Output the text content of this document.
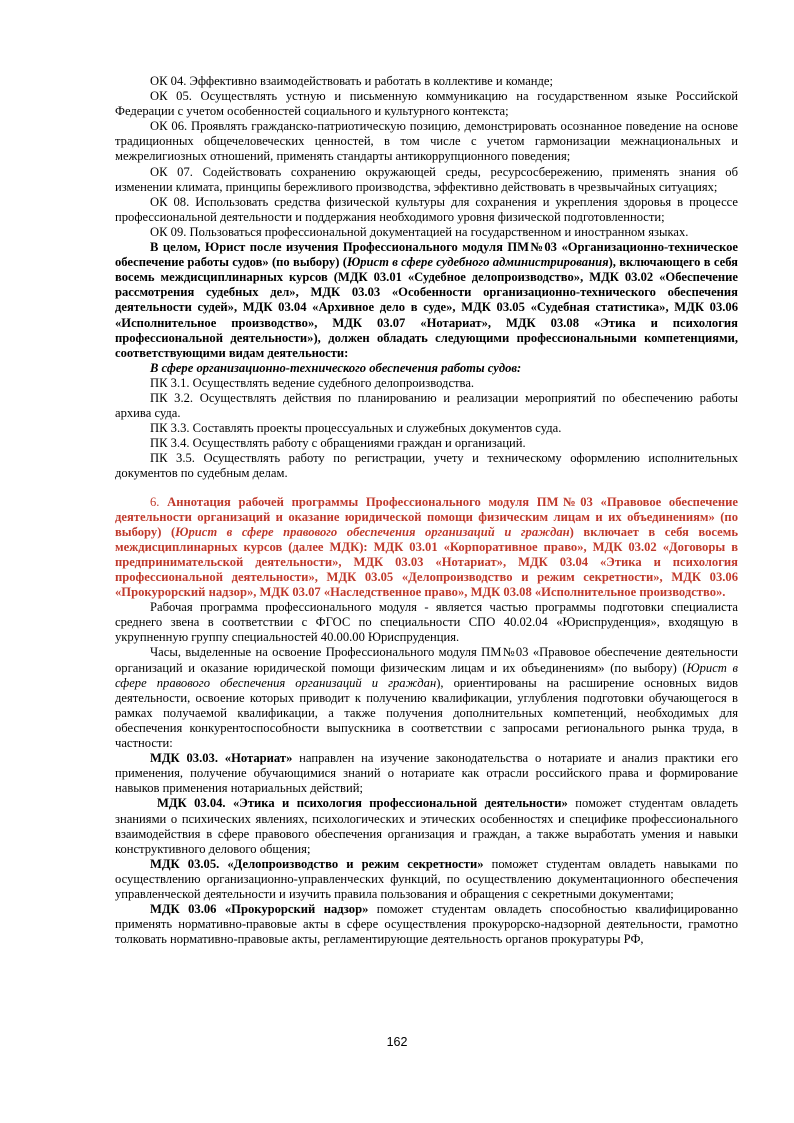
ОК 04. Эффективно взаимодействовать и работать в коллективе и команде;

ОК 05. Осуществлять устную и письменную коммуникацию на государственном языке Российской Федерации с учетом особенностей социального и культурного контекста;

ОК 06. Проявлять гражданско-патриотическую позицию, демонстрировать осознанное поведение на основе традиционных общечеловеческих ценностей, в том числе с учетом гармонизации межнациональных и межрелигиозных отношений, применять стандарты антикоррупционного поведения;

ОК 07. Содействовать сохранению окружающей среды, ресурсосбережению, применять знания об изменении климата, принципы бережливого производства, эффективно действовать в чрезвычайных ситуациях;

ОК 08. Использовать средства физической культуры для сохранения и укрепления здоровья в процессе профессиональной деятельности и поддержания необходимого уровня физической подготовленности;

ОК 09. Пользоваться профессиональной документацией на государственном и иностранном языках.

В целом, Юрист после изучения Профессионального модуля ПМ№03 «Организационно-техническое обеспечение работы судов» (по выбору) (Юрист в сфере судебного администрирования), включающего в себя восемь междисциплинарных курсов (МДК 03.01 «Судебное делопроизводство», МДК 03.02 «Обеспечение рассмотрения судебных дел», МДК 03.03 «Особенности организационно-технического обеспечения деятельности судей», МДК 03.04 «Архивное дело в суде», МДК 03.05 «Судебная статистика», МДК 03.06 «Исполнительное производство», МДК 03.07 «Нотариат», МДК 03.08 «Этика и психология профессиональной деятельности»), должен обладать следующими профессиональными компетенциями, соответствующими видам деятельности:

В сфере организационно-технического обеспечения работы судов:

ПК 3.1. Осуществлять ведение судебного делопроизводства.

ПК 3.2. Осуществлять действия по планированию и реализации мероприятий по обеспечению работы архива суда.

ПК 3.3. Составлять проекты процессуальных и служебных документов суда.

ПК 3.4. Осуществлять работу с обращениями граждан и организаций.

ПК 3.5. Осуществлять работу по регистрации, учету и техническому оформлению исполнительных документов по судебным делам.

6. Аннотация рабочей программы Профессионального модуля ПМ№03 «Правовое обеспечение деятельности организаций и оказание юридической помощи физическим лицам и их объединениям» (по выбору) (Юрист в сфере правового обеспечения организаций и граждан) включает в себя восемь междисциплинарных курсов (далее МДК): МДК 03.01 «Корпоративное право», МДК 03.02 «Договоры в предпринимательской деятельности», МДК 03.03 «Нотариат», МДК 03.04 «Этика и психология профессиональной деятельности», МДК 03.05 «Делопроизводство и режим секретности», МДК 03.06 «Прокурорский надзор», МДК 03.07 «Наследственное право», МДК 03.08 «Исполнительное производство».

Рабочая программа профессионального модуля - является частью программы подготовки специалиста среднего звена в соответствии с ФГОС по специальности СПО 40.02.04 «Юриспруденция», входящую в укрупненную группу специальностей 40.00.00 Юриспруденция.

Часы, выделенные на освоение Профессионального модуля ПМ№03 «Правовое обеспечение деятельности организаций и оказание юридической помощи физическим лицам и их объединениям» (по выбору) (Юрист в сфере правового обеспечения организаций и граждан), ориентированы на расширение основных видов деятельности, освоение которых приводит к получению квалификации, углубления подготовки обучающегося в рамках получаемой квалификации, а также получения дополнительных компетенций, необходимых для обеспечения конкурентоспособности выпускника в соответствии с запросами регионального рынка труда, в частности:

МДК 03.03. «Нотариат» направлен на изучение законодательства о нотариате и анализ практики его применения, получение обучающимися знаний о нотариате как отрасли российского права и формирование навыков применения нотариальных действий;

МДК 03.04. «Этика и психология профессиональной деятельности» поможет студентам овладеть знаниями о психических явлениях, психологических и этических особенностях и специфике профессионального взаимодействия в сфере правового обеспечения организация и граждан, а также выработать умения и навыки конструктивного делового общения;

МДК 03.05. «Делопроизводство и режим секретности» поможет студентам овладеть навыками по осуществлению организационно-управленческих функций, по осуществлению документационного обеспечения управленческой деятельности и изучить правила пользования и обращения с секретными документами;

МДК 03.06 «Прокурорский надзор» поможет студентам овладеть способностью квалифицированно применять нормативно-правовые акты в сфере осуществления прокурорско-надзорной деятельности, грамотно толковать нормативно-правовые акты, регламентирующие деятельность органов прокуратуры РФ,

162
